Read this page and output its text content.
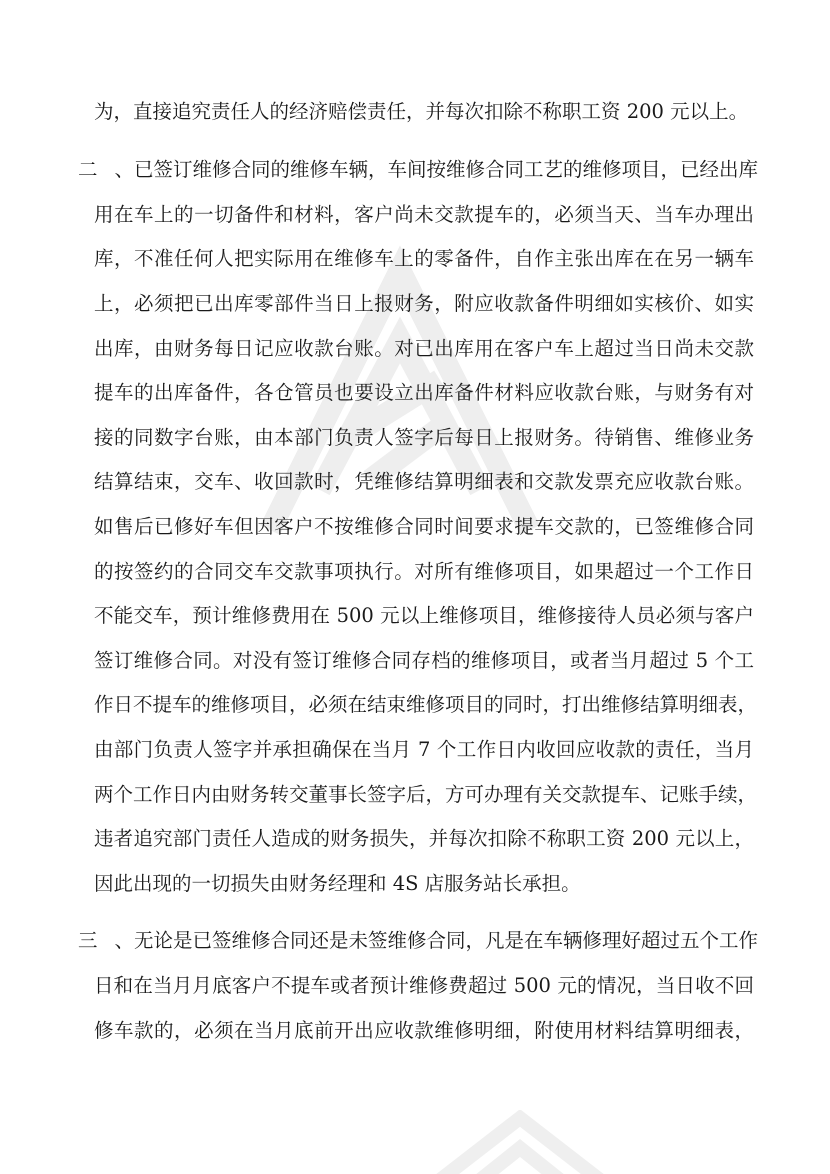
为，直接追究责任人的经济赔偿责任，并每次扣除不称职工资 200 元以上。
二、已签订维修合同的维修车辆，车间按维修合同工艺的维修项目，已经出库
用在车上的一切备件和材料，客户尚未交款提车的，必须当天、当车办理出
库，不准任何人把实际用在维修车上的零备件，自作主张出库在在另一辆车
上，必须把已出库零部件当日上报财务，附应收款备件明细如实核价、如实
出库，由财务每日记应收款台账。对已出库用在客户车上超过当日尚未交款
提车的出库备件，各仓管员也要设立出库备件材料应收款台账，与财务有对
接的同数字台账，由本部门负责人签字后每日上报财务。待销售、维修业务
结算结束，交车、收回款时，凭维修结算明细表和交款发票充应收款台账。
如售后已修好车但因客户不按维修合同时间要求提车交款的，已签维修合同
的按签约的合同交车交款事项执行。对所有维修项目，如果超过一个工作日
不能交车，预计维修费用在 500 元以上维修项目，维修接待人员必须与客户
签订维修合同。对没有签订维修合同存档的维修项目，或者当月超过 5 个工
作日不提车的维修项目，必须在结束维修项目的同时，打出维修结算明细表，
由部门负责人签字并承担确保在当月 7 个工作日内收回应收款的责任，当月
两个工作日内由财务转交董事长签字后，方可办理有关交款提车、记账手续，
违者追究部门责任人造成的财务损失，并每次扣除不称职工资 200 元以上，
因此出现的一切损失由财务经理和 4S 店服务站长承担。
三、无论是已签维修合同还是未签维修合同，凡是在车辆修理好超过五个工作
日和在当月月底客户不提车或者预计维修费超过 500 元的情况，当日收不回
修车款的，必须在当月底前开出应收款维修明细，附使用材料结算明细表，
